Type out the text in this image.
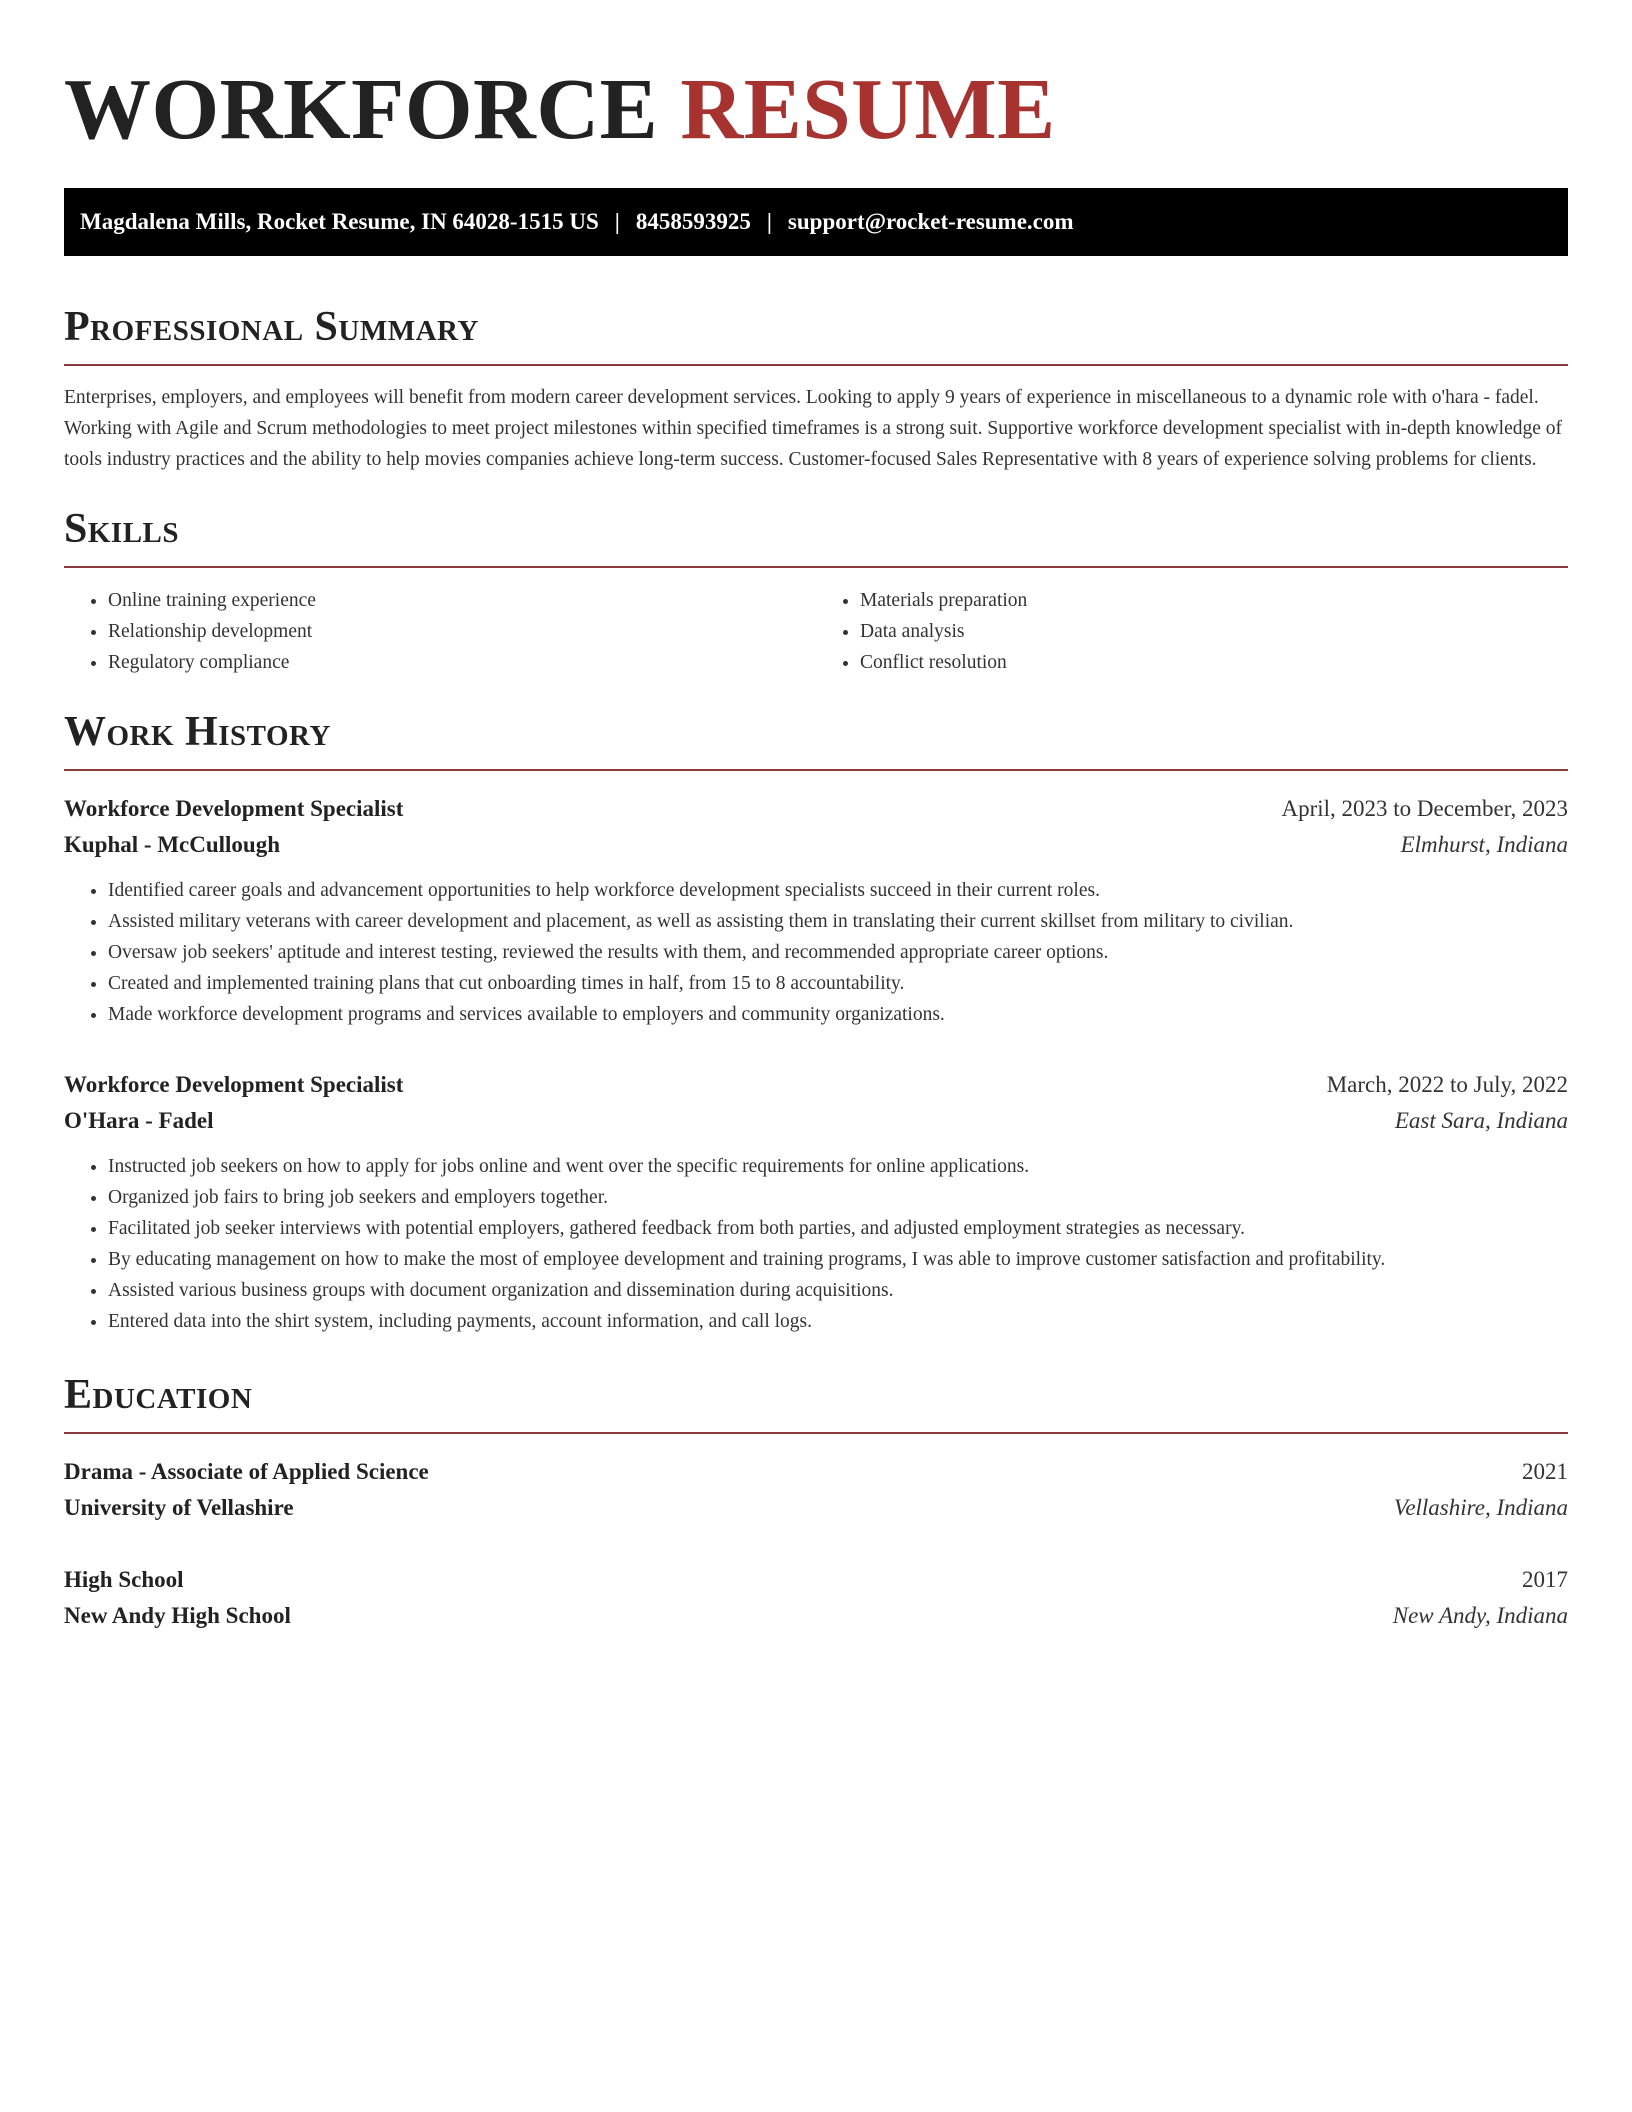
WORKFORCE RESUME
Magdalena Mills, Rocket Resume, IN 64028-1515 US | 8458593925 | support@rocket-resume.com
Professional Summary

Enterprises, employers, and employees will benefit from modern career development services. Looking to apply 9 years of experience in miscellaneous to a dynamic role with o'hara - fadel. Working with Agile and Scrum methodologies to meet project milestones within specified timeframes is a strong suit. Supportive workforce development specialist with in-depth knowledge of tools industry practices and the ability to help movies companies achieve long-term success. Customer-focused Sales Representative with 8 years of experience solving problems for clients.

Skills
• Online training experience
• Relationship development
• Regulatory compliance
• Materials preparation
• Data analysis
• Conflict resolution
Work History
Workforce Development Specialist	April, 2023 to December, 2023
Kuphal - McCullough	Elmhurst, Indiana
• Identified career goals and advancement opportunities to help workforce development specialists succeed in their current roles.
• Assisted military veterans with career development and placement, as well as assisting them in translating their current skillset from military to civilian.
• Oversaw job seekers' aptitude and interest testing, reviewed the results with them, and recommended appropriate career options.
• Created and implemented training plans that cut onboarding times in half, from 15 to 8 accountability.
• Made workforce development programs and services available to employers and community organizations.
Workforce Development Specialist	March, 2022 to July, 2022
O'Hara - Fadel	East Sara, Indiana
• Instructed job seekers on how to apply for jobs online and went over the specific requirements for online applications.
• Organized job fairs to bring job seekers and employers together.
• Facilitated job seeker interviews with potential employers, gathered feedback from both parties, and adjusted employment strategies as necessary.
• By educating management on how to make the most of employee development and training programs, I was able to improve customer satisfaction and profitability.
• Assisted various business groups with document organization and dissemination during acquisitions.
• Entered data into the shirt system, including payments, account information, and call logs.
Education
Drama - Associate of Applied Science	2021
University of Vellashire	Vellashire, Indiana
High School	2017
New Andy High School	New Andy, Indiana
